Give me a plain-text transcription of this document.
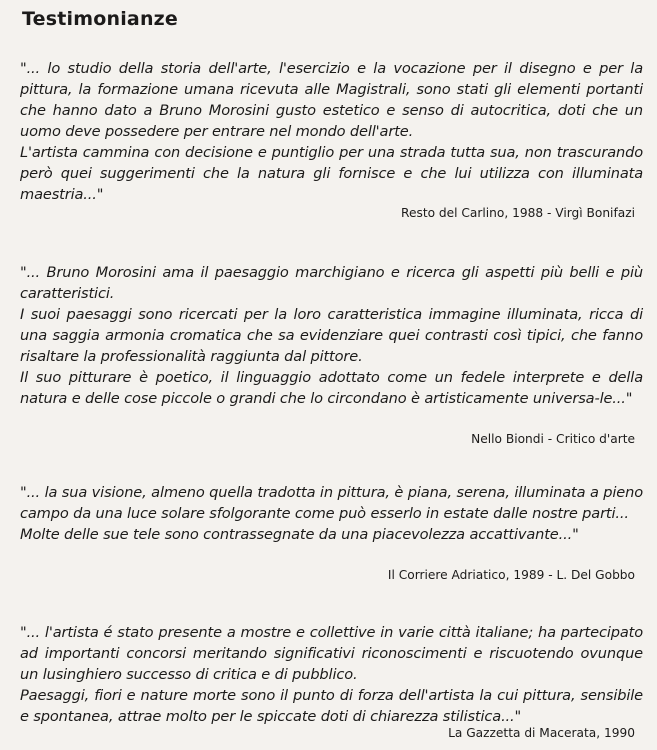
Testimonianze

"... lo studio della storia dell'arte, l'esercizio e la vocazione per il disegno e per la pittura, la formazione umana ricevuta alle Magistrali, sono stati gli elementi portanti che hanno dato a Bruno Morosini gusto estetico e senso di autocritica, doti che un uomo deve possedere per entrare nel mondo dell'arte.

L'artista cammina con decisione e puntiglio per una strada tutta sua, non trascurando però quei suggerimenti che la natura gli fornisce e che lui utilizza con illuminata maestria..."

Resto del Carlino, 1988 - Virgì Bonifazi

"... Bruno Morosini ama il paesaggio marchigiano e ricerca gli aspetti più belli e più caratteristici.

I suoi paesaggi sono ricercati per la loro caratteristica immagine illuminata, ricca di una saggia armonia cromatica che sa evidenziare quei contrasti così tipici, che fanno risaltare la professionalità raggiunta dal pittore.

Il suo pitturare è poetico, il linguaggio adottato come un fedele interprete e della natura e delle cose piccole o grandi che lo circondano è artisticamente universa-le..."

Nello Biondi - Critico d'arte

"... la sua visione, almeno quella tradotta in pittura, è piana, serena, illuminata a pieno campo da una luce solare sfolgorante come può esserlo in estate dalle nostre parti...

Molte delle sue tele sono contrassegnate da una piacevolezza accattivante..."

Il Corriere Adriatico, 1989 - L. Del Gobbo

"... l'artista é stato presente a mostre e collettive in varie città italiane; ha partecipato ad importanti concorsi meritando significativi riconoscimenti e riscuotendo ovunque un lusinghiero successo di critica e di pubblico.

Paesaggi, fiori e nature morte sono il punto di forza dell'artista la cui pittura, sensibile e spontanea, attrae molto per le spiccate doti di chiarezza stilistica..."

La Gazzetta di Macerata, 1990
